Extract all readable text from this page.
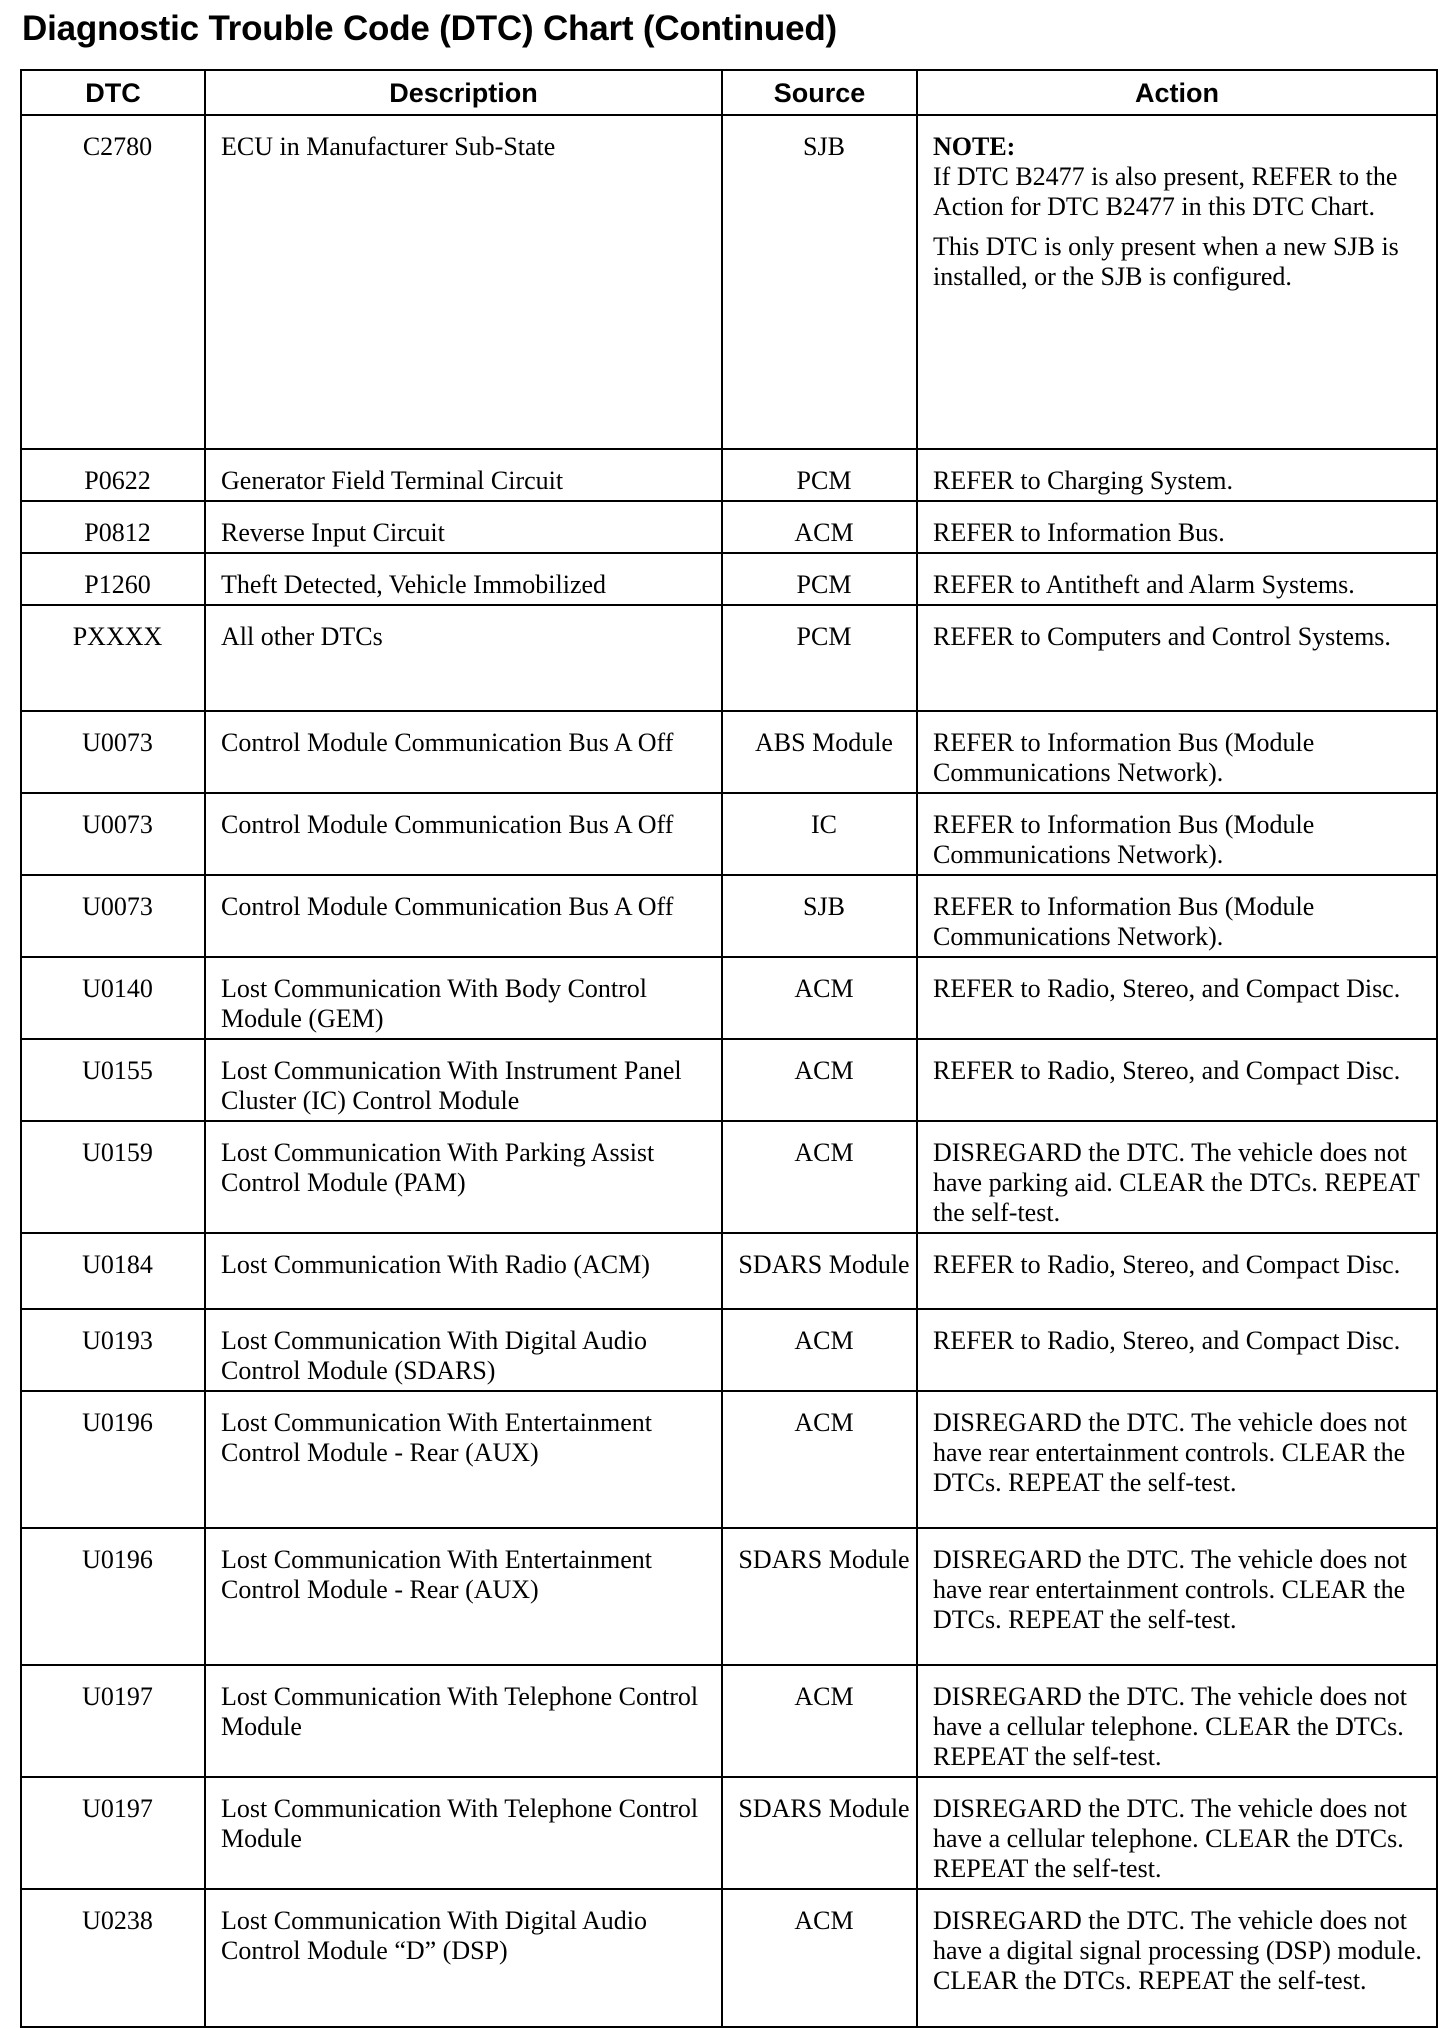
Diagnostic Trouble Code (DTC) Chart (Continued)
DTC	Description	Source	Action
C2780	ECU in Manufacturer Sub-State	SJB	NOTE:
If DTC B2477 is also present, REFER to the Action for DTC B2477 in this DTC Chart.
This DTC is only present when a new SJB is installed, or the SJB is configured.

P0622	Generator Field Terminal Circuit	PCM	REFER to Charging System.
P0812	Reverse Input Circuit	ACM	REFER to Information Bus.
P1260	Theft Detected, Vehicle Immobilized	PCM	REFER to Antitheft and Alarm Systems.
PXXXX	All other DTCs	PCM	REFER to Computers and Control Systems.
U0073	Control Module Communication Bus A Off	ABS Module	REFER to Information Bus (Module Communications Network).
U0073	Control Module Communication Bus A Off	IC	REFER to Information Bus (Module Communications Network).
U0073	Control Module Communication Bus A Off	SJB	REFER to Information Bus (Module Communications Network).
U0140	Lost Communication With Body Control Module (GEM)	ACM	REFER to Radio, Stereo, and Compact Disc.
U0155	Lost Communication With Instrument Panel Cluster (IC) Control Module	ACM	REFER to Radio, Stereo, and Compact Disc.
U0159	Lost Communication With Parking Assist Control Module (PAM)	ACM	DISREGARD the DTC. The vehicle does not have parking aid. CLEAR the DTCs. REPEAT the self-test.
U0184	Lost Communication With Radio (ACM)	SDARS Module	REFER to Radio, Stereo, and Compact Disc.
U0193	Lost Communication With Digital Audio Control Module (SDARS)	ACM	REFER to Radio, Stereo, and Compact Disc.
U0196	Lost Communication With Entertainment Control Module - Rear (AUX)	ACM	DISREGARD the DTC. The vehicle does not have rear entertainment controls. CLEAR the DTCs. REPEAT the self-test.
U0196	Lost Communication With Entertainment Control Module - Rear (AUX)	SDARS Module	DISREGARD the DTC. The vehicle does not have rear entertainment controls. CLEAR the DTCs. REPEAT the self-test.
U0197	Lost Communication With Telephone Control Module	ACM	DISREGARD the DTC. The vehicle does not have a cellular telephone. CLEAR the DTCs. REPEAT the self-test.
U0197	Lost Communication With Telephone Control Module	SDARS Module	DISREGARD the DTC. The vehicle does not have a cellular telephone. CLEAR the DTCs. REPEAT the self-test.
U0238	Lost Communication With Digital Audio Control Module “D” (DSP)	ACM	DISREGARD the DTC. The vehicle does not have a digital signal processing (DSP) module. CLEAR the DTCs. REPEAT the self-test.
